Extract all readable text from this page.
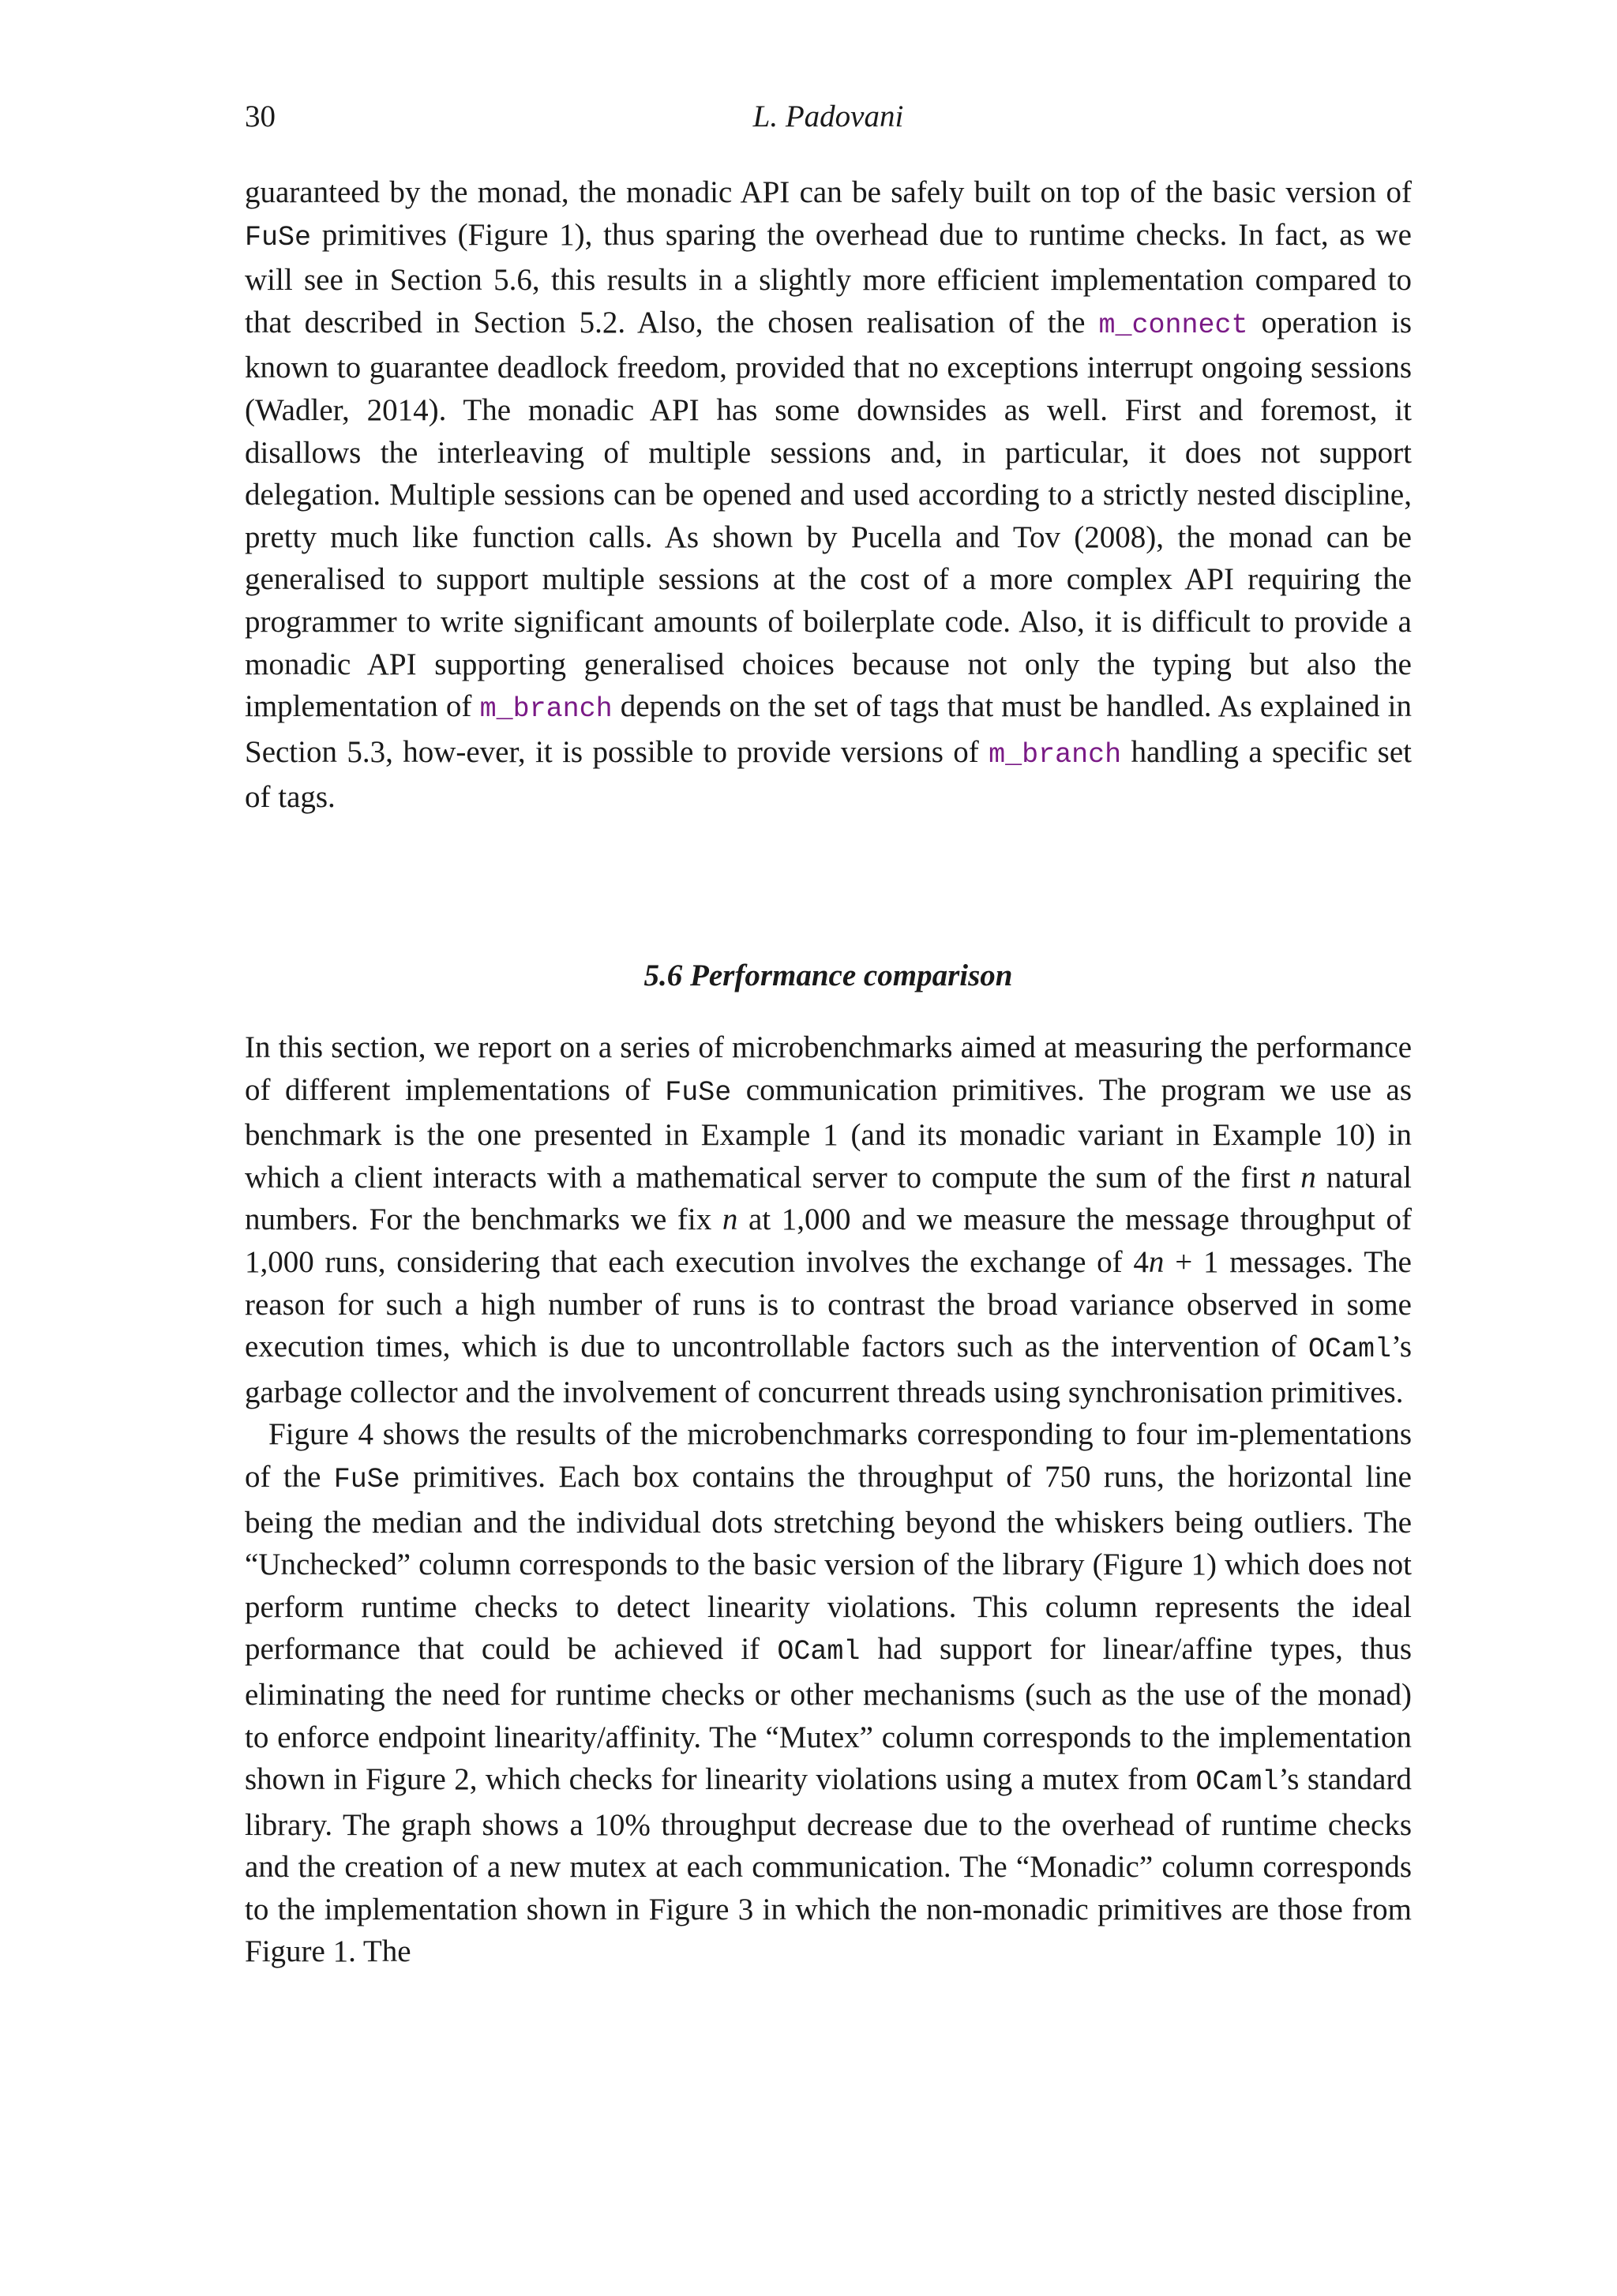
30	L. Padovani

guaranteed by the monad, the monadic API can be safely built on top of the basic version of FuSe primitives (Figure 1), thus sparing the overhead due to runtime checks. In fact, as we will see in Section 5.6, this results in a slightly more efficient implementation compared to that described in Section 5.2. Also, the chosen realisation of the m_connect operation is known to guarantee deadlock freedom, provided that no exceptions interrupt ongoing sessions (Wadler, 2014). The monadic API has some downsides as well. First and foremost, it disallows the interleaving of multiple sessions and, in particular, it does not support delegation. Multiple sessions can be opened and used according to a strictly nested discipline, pretty much like function calls. As shown by Pucella and Tov (2008), the monad can be generalised to support multiple sessions at the cost of a more complex API requiring the programmer to write significant amounts of boilerplate code. Also, it is difficult to provide a monadic API supporting generalised choices because not only the typing but also the implementation of m_branch depends on the set of tags that must be handled. As explained in Section 5.3, how-ever, it is possible to provide versions of m_branch handling a specific set of tags.

5.6 Performance comparison

In this section, we report on a series of microbenchmarks aimed at measuring the performance of different implementations of FuSe communication primitives. The program we use as benchmark is the one presented in Example 1 (and its monadic variant in Example 10) in which a client interacts with a mathematical server to compute the sum of the first n natural numbers. For the benchmarks we fix n at 1,000 and we measure the message throughput of 1,000 runs, considering that each execution involves the exchange of 4n + 1 messages. The reason for such a high number of runs is to contrast the broad variance observed in some execution times, which is due to uncontrollable factors such as the intervention of OCaml’s garbage collector and the involvement of concurrent threads using synchronisation primitives.

Figure 4 shows the results of the microbenchmarks corresponding to four im-plementations of the FuSe primitives. Each box contains the throughput of 750 runs, the horizontal line being the median and the individual dots stretching beyond the whiskers being outliers. The “Unchecked” column corresponds to the basic version of the library (Figure 1) which does not perform runtime checks to detect linearity violations. This column represents the ideal performance that could be achieved if OCaml had support for linear/affine types, thus eliminating the need for runtime checks or other mechanisms (such as the use of the monad) to enforce endpoint linearity/affinity. The “Mutex” column corresponds to the implementation shown in Figure 2, which checks for linearity violations using a mutex from OCaml’s standard library. The graph shows a 10% throughput decrease due to the overhead of runtime checks and the creation of a new mutex at each communication. The “Monadic” column corresponds to the implementation shown in Figure 3 in which the non-monadic primitives are those from Figure 1. The
